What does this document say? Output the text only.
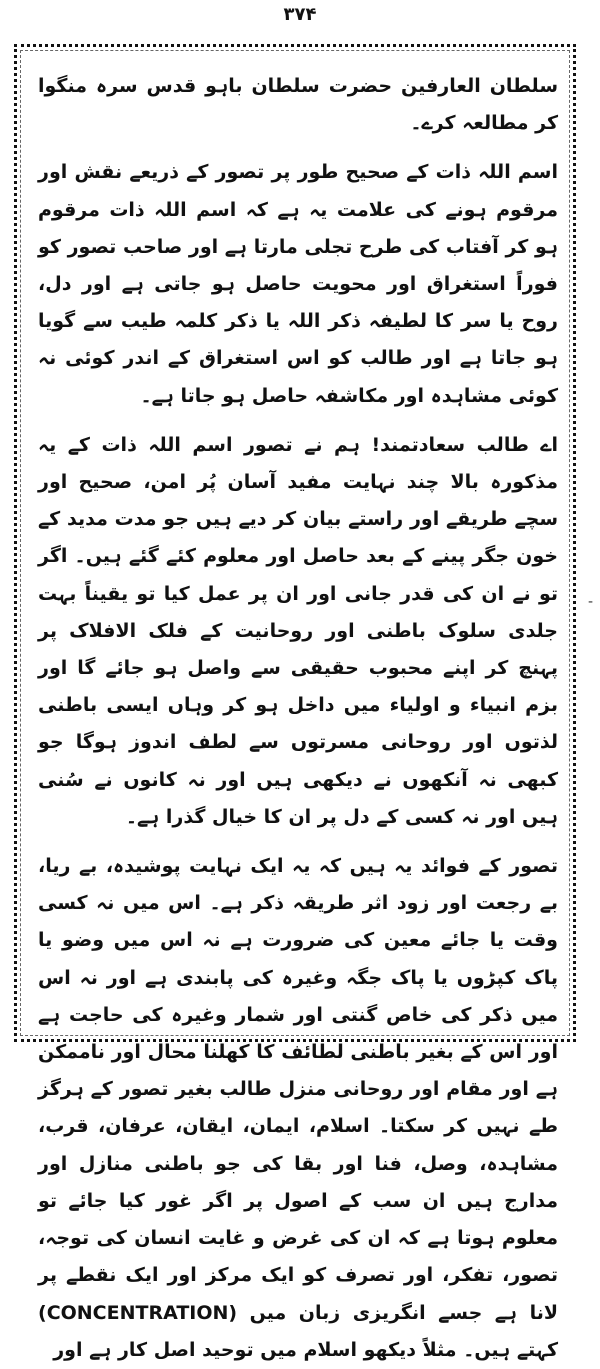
۳۷۴

سلطان العارفین حضرت سلطان باہو قدس سرہ منگوا کر مطالعہ کرے۔

اسم اللہ ذات کے صحیح طور پر تصور کے ذریعے نقش اور مرقوم ہونے کی علامت یہ ہے کہ اسم اللہ ذات مرقوم ہو کر آفتاب کی طرح تجلی مارتا ہے اور صاحب تصور کو فوراً استغراق اور محویت حاصل ہو جاتی ہے اور دل، روح یا سر کا لطیفہ ذکر اللہ یا ذکر کلمہ طیب سے گویا ہو جاتا ہے اور طالب کو اس استغراق کے اندر کوئی نہ کوئی مشاہدہ اور مکاشفہ حاصل ہو جاتا ہے۔

اے طالب سعادتمند! ہم نے تصور اسم اللہ ذات کے یہ مذکورہ بالا چند نہایت مفید آسان پُر امن، صحیح اور سچے طریقے اور راستے بیان کر دیے ہیں جو مدت مدید کے خون جگر پینے کے بعد حاصل اور معلوم کئے گئے ہیں۔ اگر تو نے ان کی قدر جانی اور ان پر عمل کیا تو یقیناً بہت جلدی سلوک باطنی اور روحانیت کے فلک الافلاک پر پہنچ کر اپنے محبوب حقیقی سے واصل ہو جائے گا اور بزم انبیاء و اولیاء میں داخل ہو کر وہاں ایسی باطنی لذتوں اور روحانی مسرتوں سے لطف اندوز ہوگا جو کبھی نہ آنکھوں نے دیکھی ہیں اور نہ کانوں نے سُنی ہیں اور نہ کسی کے دل پر ان کا خیال گذرا ہے۔

تصور کے فوائد یہ ہیں کہ یہ ایک نہایت پوشیدہ، بے ریا، بے رجعت اور زود اثر طریقہ ذکر ہے۔ اس میں نہ کسی وقت یا جائے معین کی ضرورت ہے نہ اس میں وضو یا پاک کپڑوں یا پاک جگہ وغیرہ کی پابندی ہے اور نہ اس میں ذکر کی خاص گنتی اور شمار وغیرہ کی حاجت ہے اور اس کے بغیر باطنی لطائف کا کھلنا محال اور ناممکن ہے اور مقام اور روحانی منزل طالب بغیر تصور کے ہرگز طے نہیں کر سکتا۔ اسلام، ایمان، ایقان، عرفان، قرب، مشاہدہ، وصل، فنا اور بقا کی جو باطنی منازل اور مدارج ہیں ان سب کے اصول پر اگر غور کیا جائے تو معلوم ہوتا ہے کہ ان کی غرض و غایت انسان کی توجہ، تصور، تفکر، اور تصرف کو ایک مرکز اور ایک نقطے پر لانا ہے جسے انگریزی زبان میں (CONCENTRATION) کہتے ہیں۔ مثلاً دیکھو اسلام میں توحید اصل کار ہے اور

-
